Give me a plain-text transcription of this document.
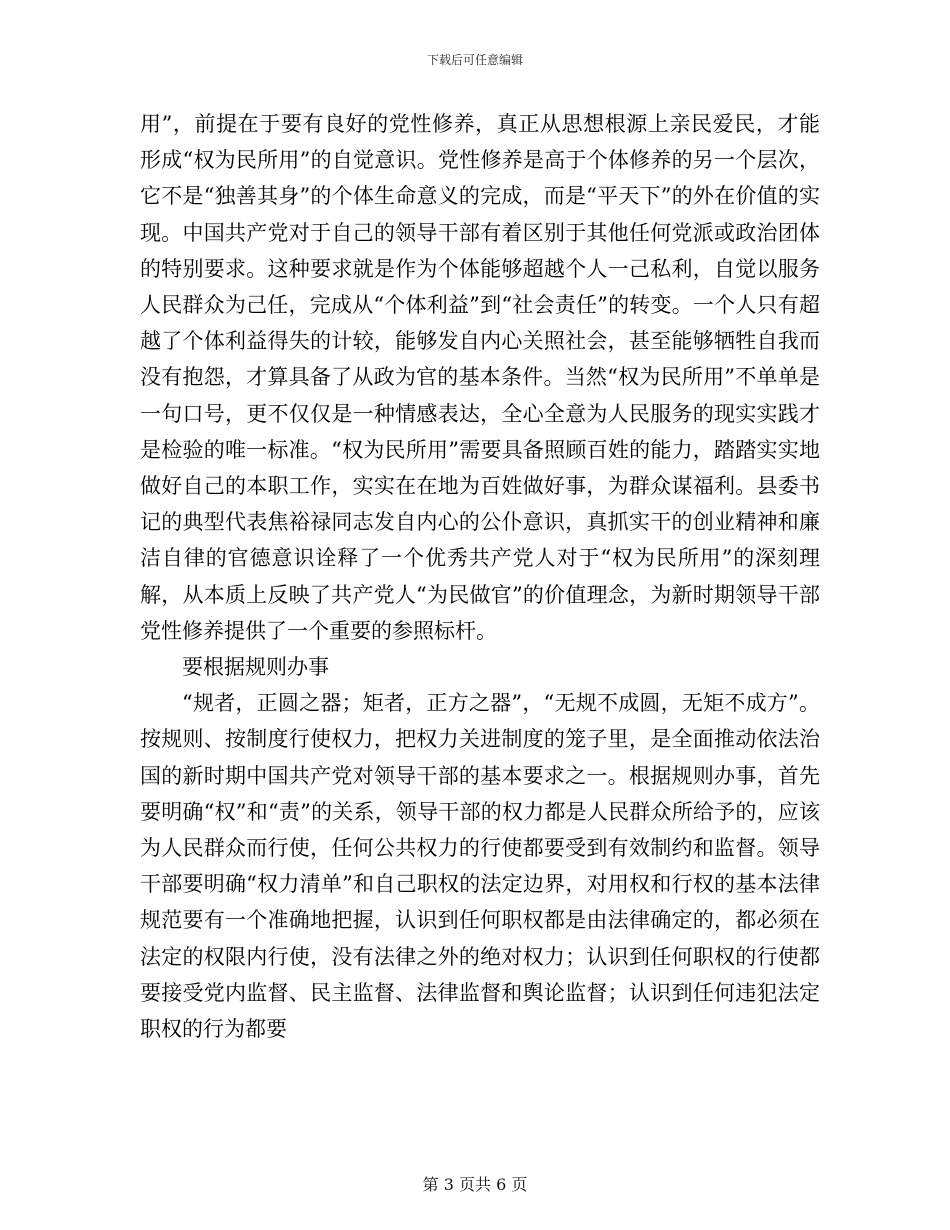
下载后可任意编辑

用”，前提在于要有良好的党性修养，真正从思想根源上亲民爱民，才能形成“权为民所用”的自觉意识。党性修养是高于个体修养的另一个层次，它不是“独善其身”的个体生命意义的完成，而是“平天下”的外在价值的实现。中国共产党对于自己的领导干部有着区别于其他任何党派或政治团体的特别要求。这种要求就是作为个体能够超越个人一己私利，自觉以服务人民群众为己任，完成从“个体利益”到“社会责任”的转变。一个人只有超越了个体利益得失的计较，能够发自内心关照社会，甚至能够牺牲自我而没有抱怨，才算具备了从政为官的基本条件。当然“权为民所用”不单单是一句口号，更不仅仅是一种情感表达，全心全意为人民服务的现实实践才是检验的唯一标准。“权为民所用”需要具备照顾百姓的能力，踏踏实实地做好自己的本职工作，实实在在地为百姓做好事，为群众谋福利。县委书记的典型代表焦裕禄同志发自内心的公仆意识，真抓实干的创业精神和廉洁自律的官德意识诠释了一个优秀共产党人对于“权为民所用”的深刻理解，从本质上反映了共产党人“为民做官”的价值理念，为新时期领导干部党性修养提供了一个重要的参照标杆。

要根据规则办事

“规者，正圆之器；矩者，正方之器”，“无规不成圆，无矩不成方”。按规则、按制度行使权力，把权力关进制度的笼子里，是全面推动依法治国的新时期中国共产党对领导干部的基本要求之一。根据规则办事，首先要明确“权”和“责”的关系，领导干部的权力都是人民群众所给予的，应该为人民群众而行使，任何公共权力的行使都要受到有效制约和监督。领导干部要明确“权力清单”和自己职权的法定边界，对用权和行权的基本法律规范要有一个准确地把握，认识到任何职权都是由法律确定的，都必须在法定的权限内行使，没有法律之外的绝对权力；认识到任何职权的行使都要接受党内监督、民主监督、法律监督和舆论监督；认识到任何违犯法定职权的行为都要

第 3 页共 6 页
